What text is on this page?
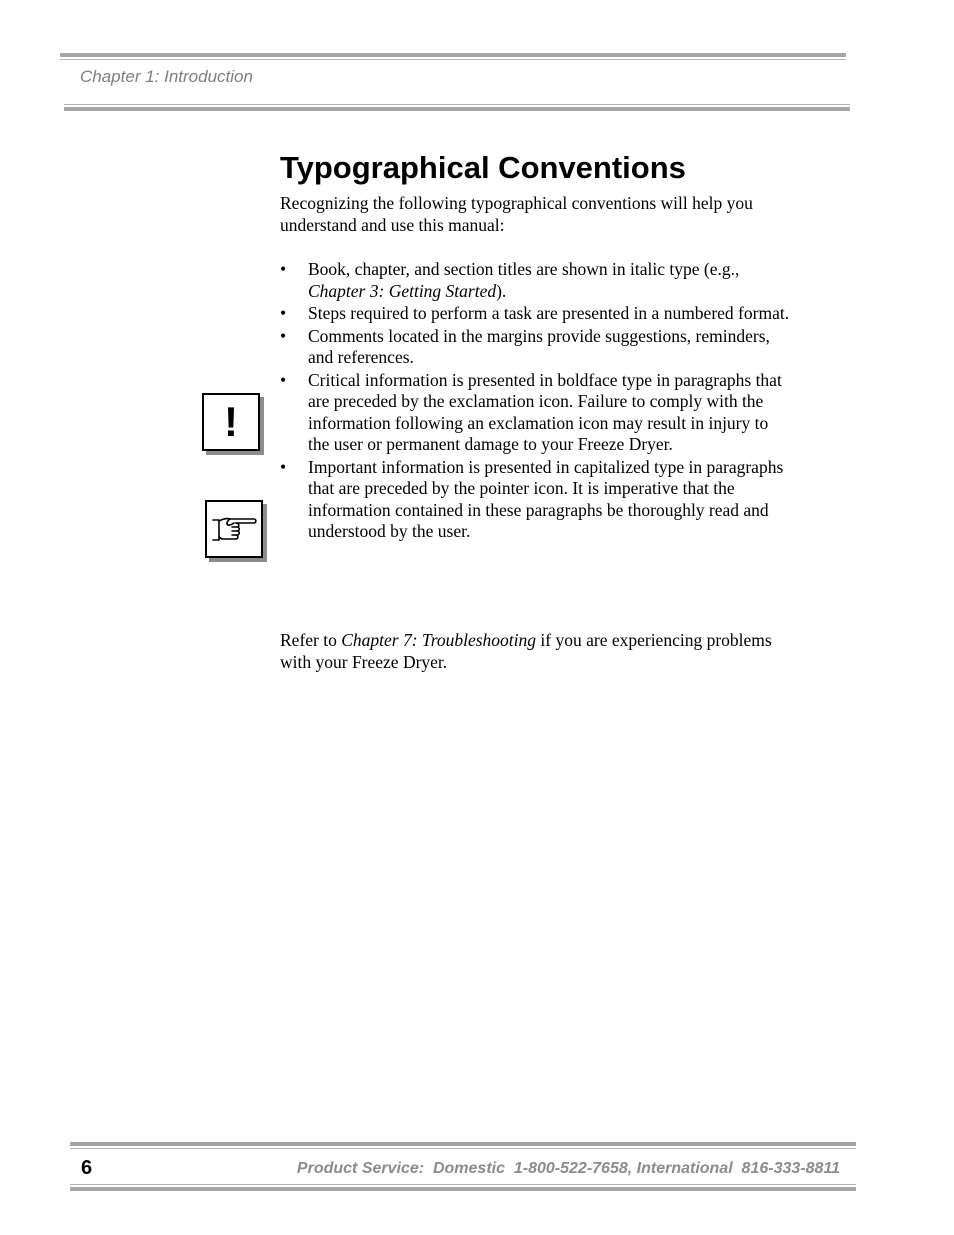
Chapter 1: Introduction
Typographical Conventions

Recognizing the following typographical conventions will help you understand and use this manual:

• Book, chapter, and section titles are shown in italic type (e.g., Chapter 3: Getting Started).
• Steps required to perform a task are presented in a numbered format.
• Comments located in the margins provide suggestions, reminders, and references.
• Critical information is presented in boldface type in paragraphs that are preceded by the exclamation icon. Failure to comply with the information following an exclamation icon may result in injury to the user or permanent damage to your Freeze Dryer.
• Important information is presented in capitalized type in paragraphs that are preceded by the pointer icon. It is imperative that the information contained in these paragraphs be thoroughly read and understood by the user.
!

Refer to Chapter 7: Troubleshooting if you are experiencing problems with your Freeze Dryer.

6	Product Service:  Domestic  1-800-522-7658, International  816-333-8811
